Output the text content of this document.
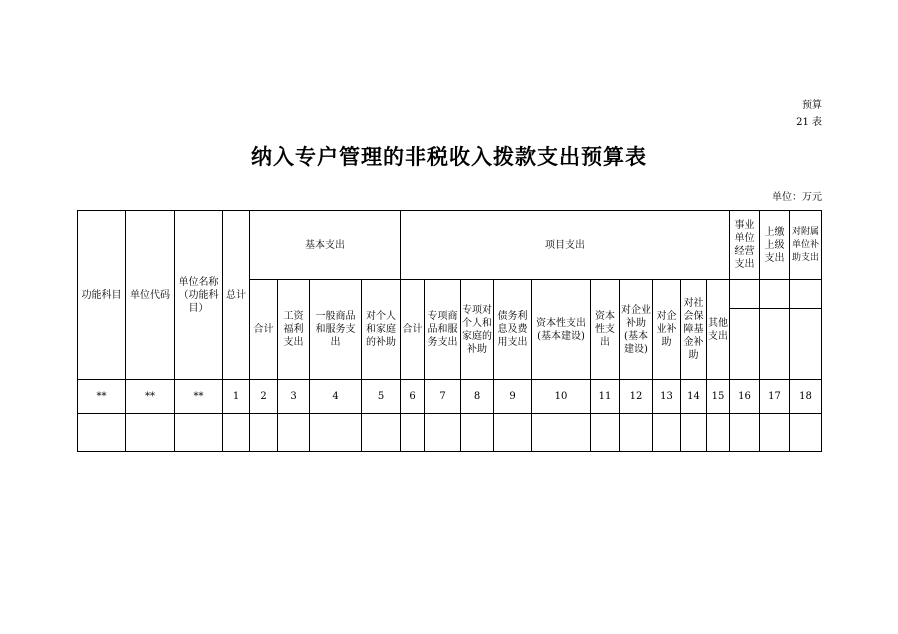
预算
21 表
纳入专户管理的非税收入拨款支出预算表
单位：万元
功能科目	单位代码	单位名称（功能科目）	总计	基本支出				项目支出										事业单位经营支出	上缴上级支出	对附属单位补助支出
				合计	工资福利支出	一般商品和服务支出	对个人和家庭的补助	合计	专项商品和服务支出	专项对个人和家庭的补助	债务利息及费用支出	资本性支出(基本建设)	资本性支出	对企业补助(基本建设)	对企业补助	对社会保障基金补助	其他支出			

**	**	**	1	2	3	4	5	6	7	8	9	10	11	12	13	14	15	16	17	18
